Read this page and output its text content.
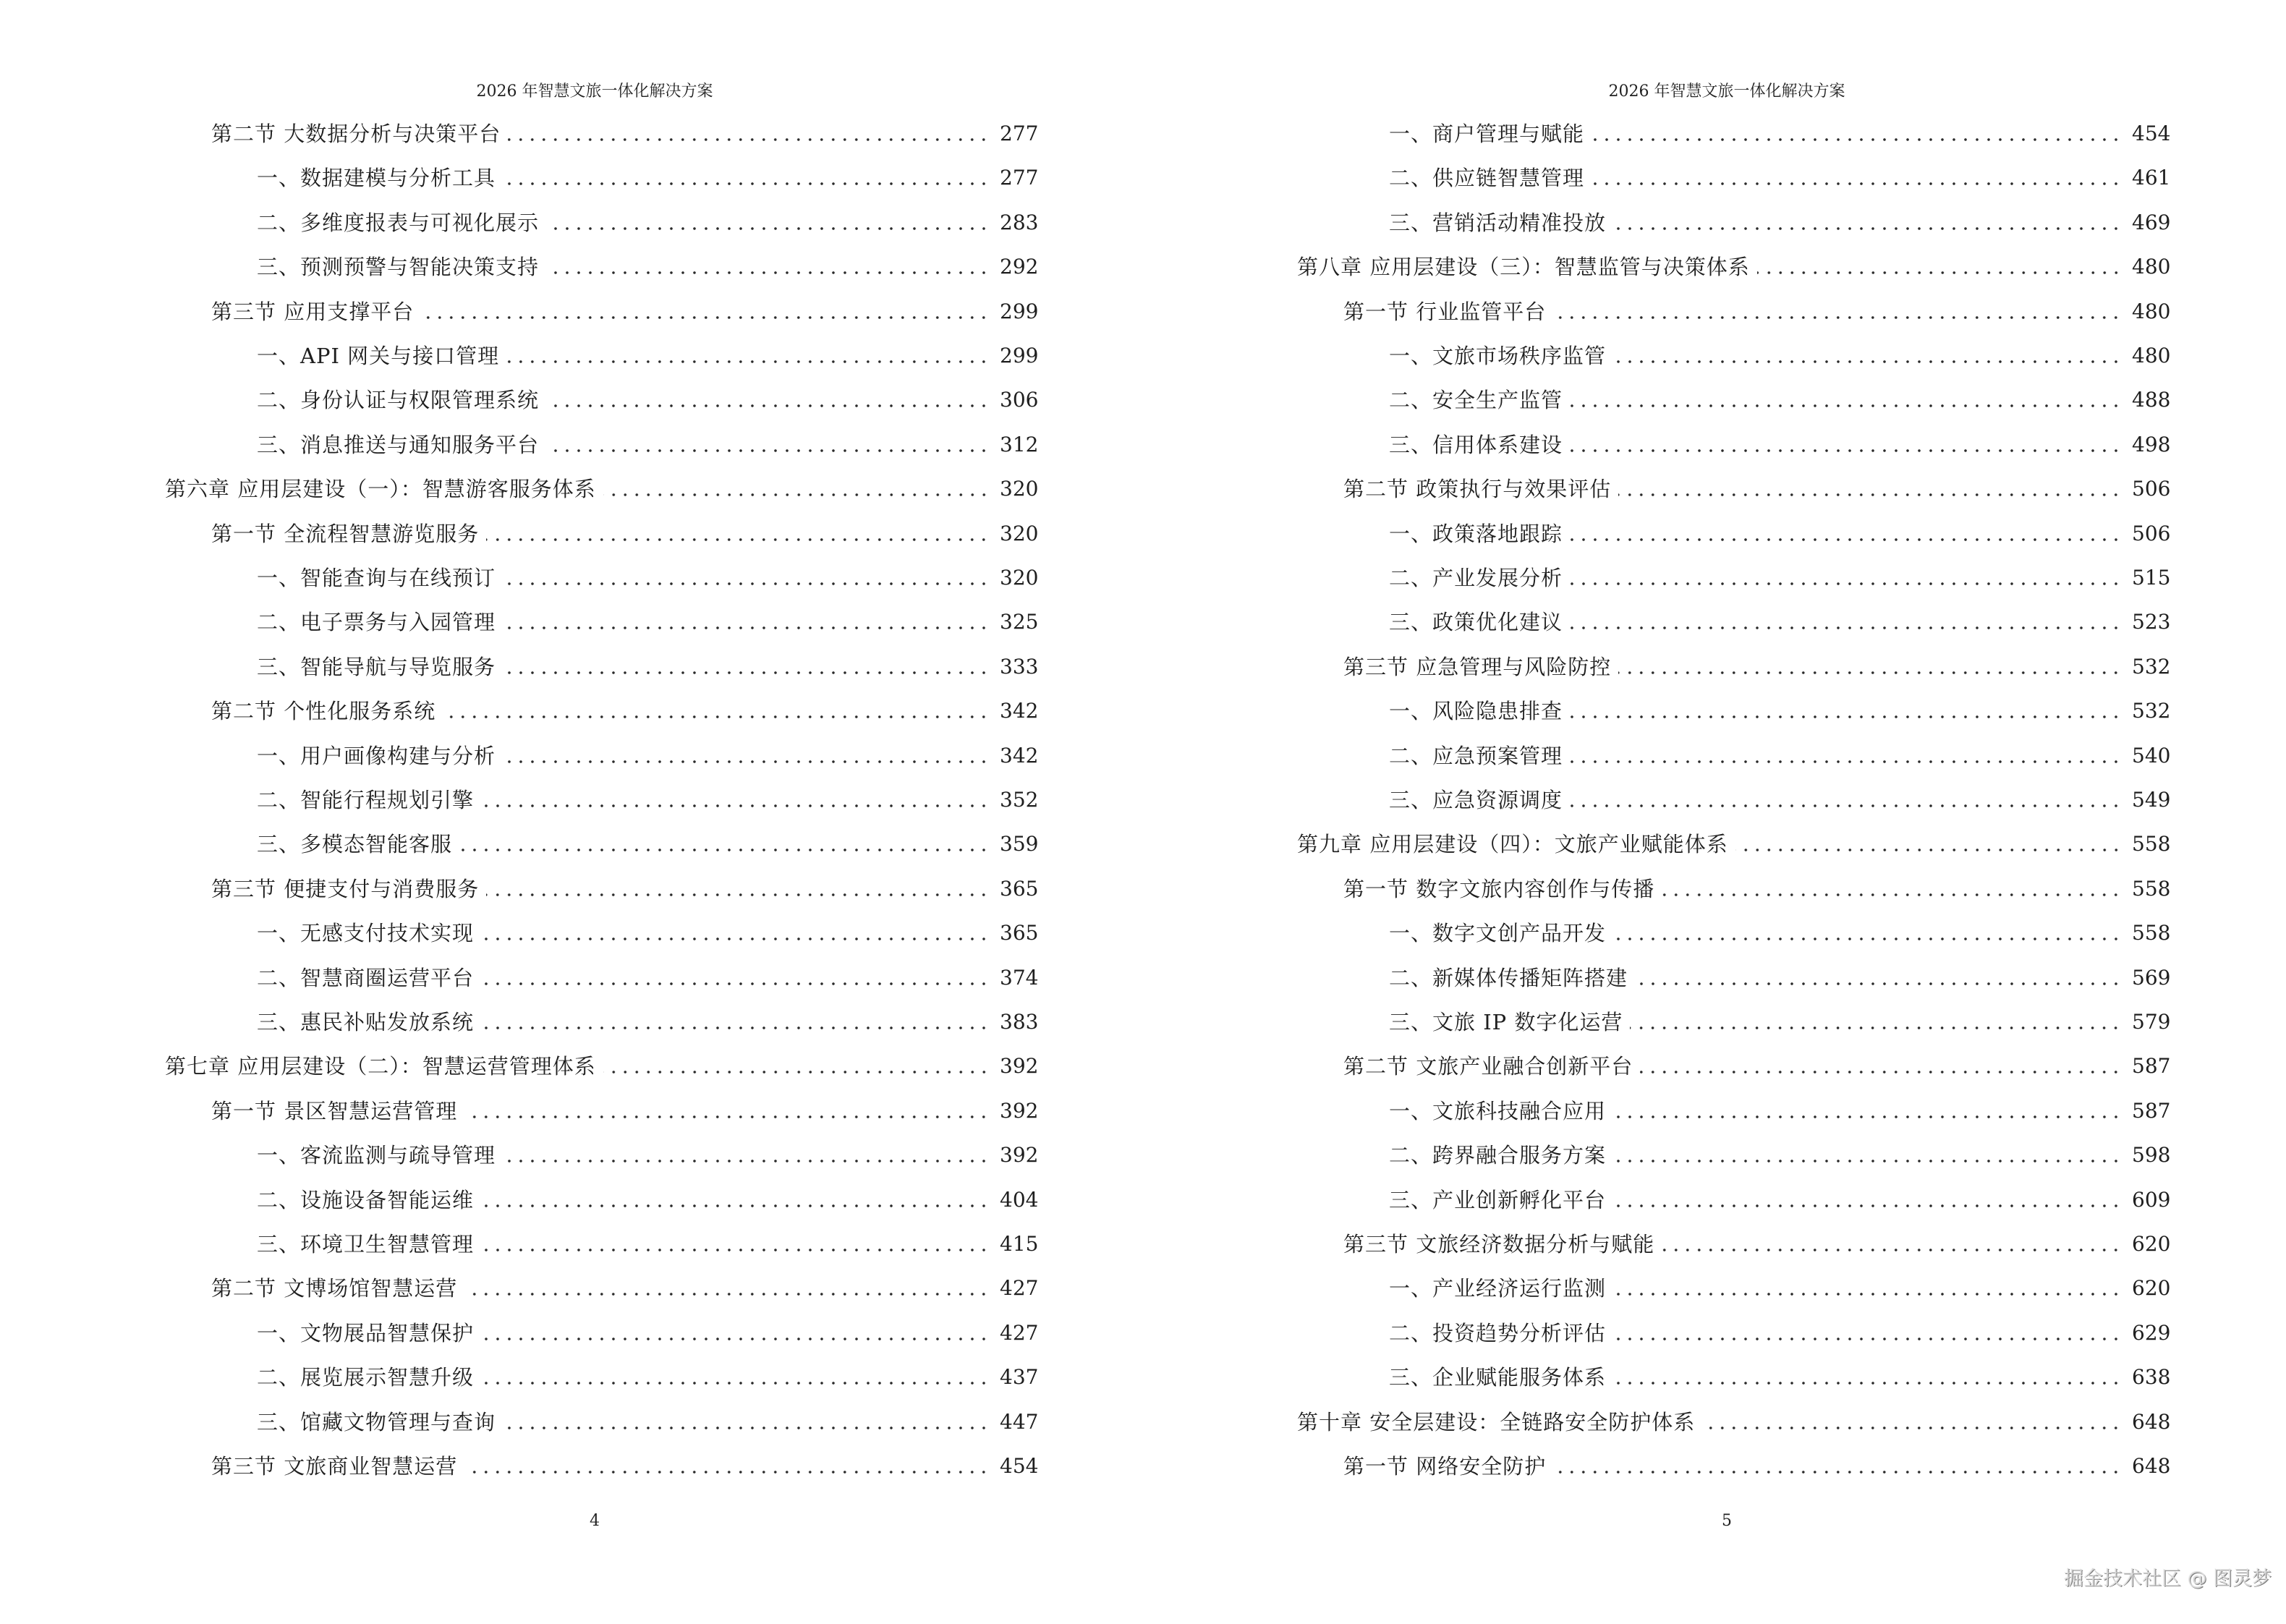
2026 年智慧文旅一体化解决方案
第二节 大数据分析与决策平台	277
一、数据建模与分析工具	277
二、多维度报表与可视化展示	283
三、预测预警与智能决策支持	292
第三节 应用支撑平台	299
一、API 网关与接口管理	299
二、身份认证与权限管理系统	306
三、消息推送与通知服务平台	312
第六章 应用层建设（一）：智慧游客服务体系	320
第一节 全流程智慧游览服务	320
一、智能查询与在线预订	320
二、电子票务与入园管理	325
三、智能导航与导览服务	333
第二节 个性化服务系统	342
一、用户画像构建与分析	342
二、智能行程规划引擎	352
三、多模态智能客服	359
第三节 便捷支付与消费服务	365
一、无感支付技术实现	365
二、智慧商圈运营平台	374
三、惠民补贴发放系统	383
第七章 应用层建设（二）：智慧运营管理体系	392
第一节 景区智慧运营管理	392
一、客流监测与疏导管理	392
二、设施设备智能运维	404
三、环境卫生智慧管理	415
第二节 文博场馆智慧运营	427
一、文物展品智慧保护	427
二、展览展示智慧升级	437
三、馆藏文物管理与查询	447
第三节 文旅商业智慧运营	454
4
2026 年智慧文旅一体化解决方案
一、商户管理与赋能	454
二、供应链智慧管理	461
三、营销活动精准投放	469
第八章 应用层建设（三）：智慧监管与决策体系	480
第一节 行业监管平台	480
一、文旅市场秩序监管	480
二、安全生产监管	488
三、信用体系建设	498
第二节 政策执行与效果评估	506
一、政策落地跟踪	506
二、产业发展分析	515
三、政策优化建议	523
第三节 应急管理与风险防控	532
一、风险隐患排查	532
二、应急预案管理	540
三、应急资源调度	549
第九章 应用层建设（四）：文旅产业赋能体系	558
第一节 数字文旅内容创作与传播	558
一、数字文创产品开发	558
二、新媒体传播矩阵搭建	569
三、文旅 IP 数字化运营	579
第二节 文旅产业融合创新平台	587
一、文旅科技融合应用	587
二、跨界融合服务方案	598
三、产业创新孵化平台	609
第三节 文旅经济数据分析与赋能	620
一、产业经济运行监测	620
二、投资趋势分析评估	629
三、企业赋能服务体系	638
第十章 安全层建设：全链路安全防护体系	648
第一节 网络安全防护	648
5
掘金技术社区 @ 图灵梦
